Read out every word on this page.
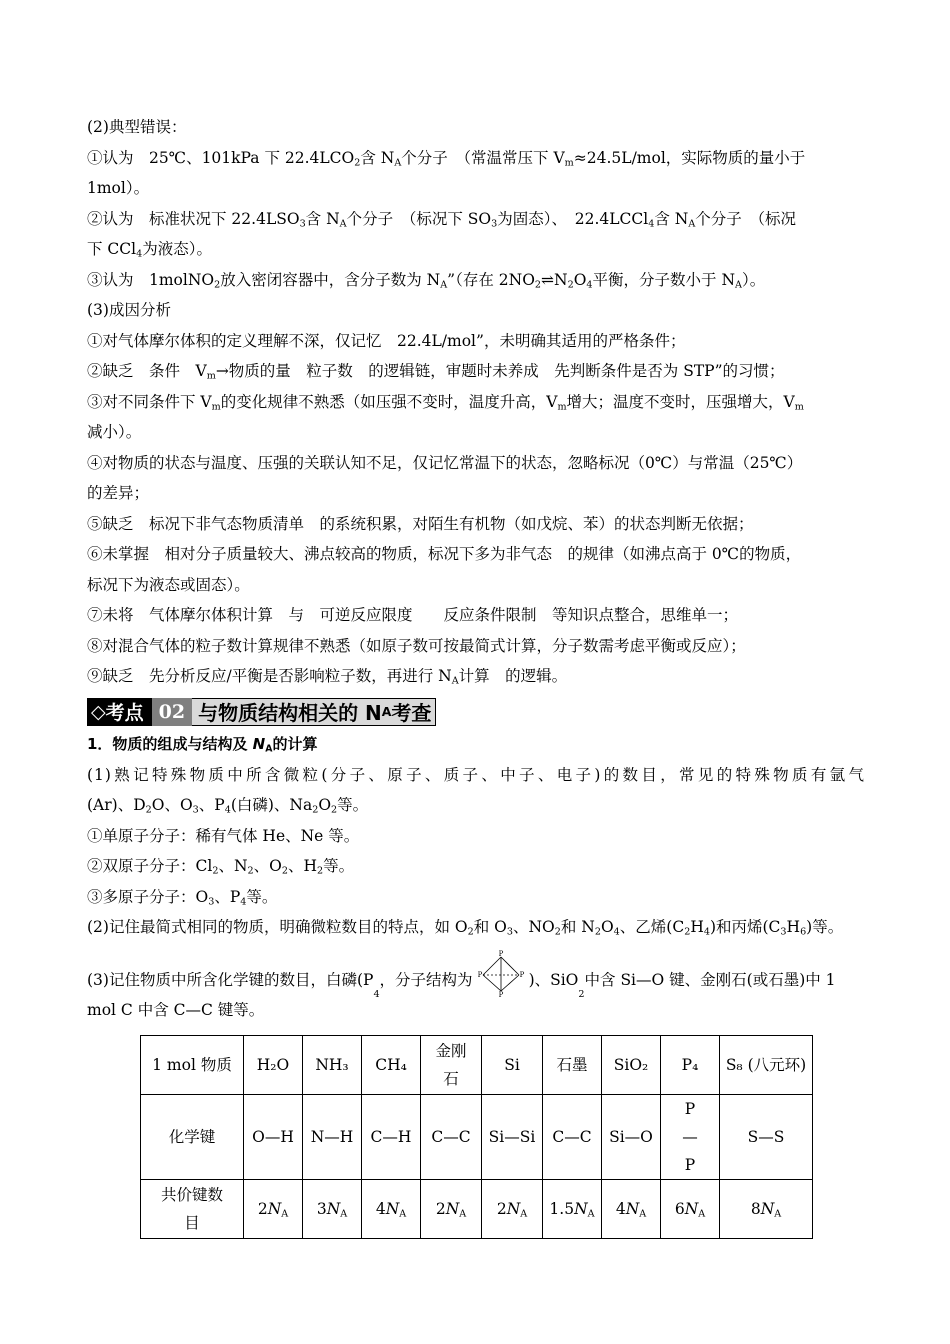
(2)典型错误：
①认为　25℃、101kPa 下 $22.4LCO_2$含 $N_A$个分子　（常温常压下 $V_m\approx 24.5L$/mol，实际物质的量小于
1mol）。
②认为　标准状况下 $22.4LSO_3$含 $N_A$个分子　（标况下 $SO_3$为固态）、　22.4LCCl$_4$含 $N_A$个分子　（标况
下 CCl$_4$为液态）。
③认为　1molNO$_2$放入密闭容器中，含分子数为 $N_A$”（存在 $2NO_2\rightleftharpoons N_2O_4$平衡，分子数小于 $N_A$）。
(3)成因分析
①对气体摩尔体积的定义理解不深，仅记忆　22.4L/mol”，未明确其适用的严格条件；
②缺乏　条件　$V_m\to$物质的量　粒子数　的逻辑链，审题时未养成　先判断条件是否为 STP”的习惯；
③对不同条件下 $V_m$的变化规律不熟悉（如压强不变时，温度升高，$V_m$增大；温度不变时，压强增大，$V_m$
减小）。
④对物质的状态与温度、压强的关联认知不足，仅记忆常温下的状态，忽略标况（0℃）与常温（25℃）
的差异；
⑤缺乏　标况下非气态物质清单　的系统积累，对陌生有机物（如戊烷、苯）的状态判断无依据；
⑥未掌握　相对分子质量较大、沸点较高的物质，标况下多为非气态　的规律（如沸点高于 0℃的物质，
标况下为液态或固态）。
⑦未将　气体摩尔体积计算　与　可逆反应限度　　反应条件限制　等知识点整合，思维单一；
⑧对混合气体的粒子数计算规律不熟悉（如原子数可按最简式计算，分子数需考虑平衡或反应）；
⑨缺乏　先分析反应/平衡是否影响粒子数，再进行 $N_A$计算　的逻辑。
◇ 考点 02 与物质结构相关的 N A 考查
1．物质的组成与结构及 $N_A$的计算
(1)熟记特殊物质中所含微粒(分子、原子、质子、中子、电子)的数目，常见的特殊物质有氩气
(Ar)、$D_2O$、$O_3$、$P_4$(白磷)、$Na_2O_2$等。
①单原子分子：稀有气体 He、Ne 等。
②双原子分子：$Cl_2$、$N_2$、$O_2$、$H_2$等。
③多原子分子：$O_3$、$P_4$等。
(2)记住最简式相同的物质，明确微粒数目的特点，如 $O_2$和 $O_3$、$NO_2$和 $N_2O_4$、乙烯$(C_2H_4)$和丙烯$(C_3H_6)$等。
(3)记住物质中所含化学键的数目，白磷(P
4
，分子结构为
P
P	P
P
)、SiO
2
中含 Si—O 键、金刚石(或石墨)中 1
mol C 中含 C—C 键等。
1 mol 物质	H₂O	NH₃	CH₄	金刚石	Si	石墨	SiO₂	P₄	S₈ (八元环)
化学键	O—H	N—H	C—H	C—C	Si—Si	C—C	Si—O	P—P	S—S

共价键数目	$2N_A$	$3N_A$	$4N_A$	$2N_A$	$2N_A$	$1.5N_A$	$4N_A$	$6N_A$	$8N_A$
